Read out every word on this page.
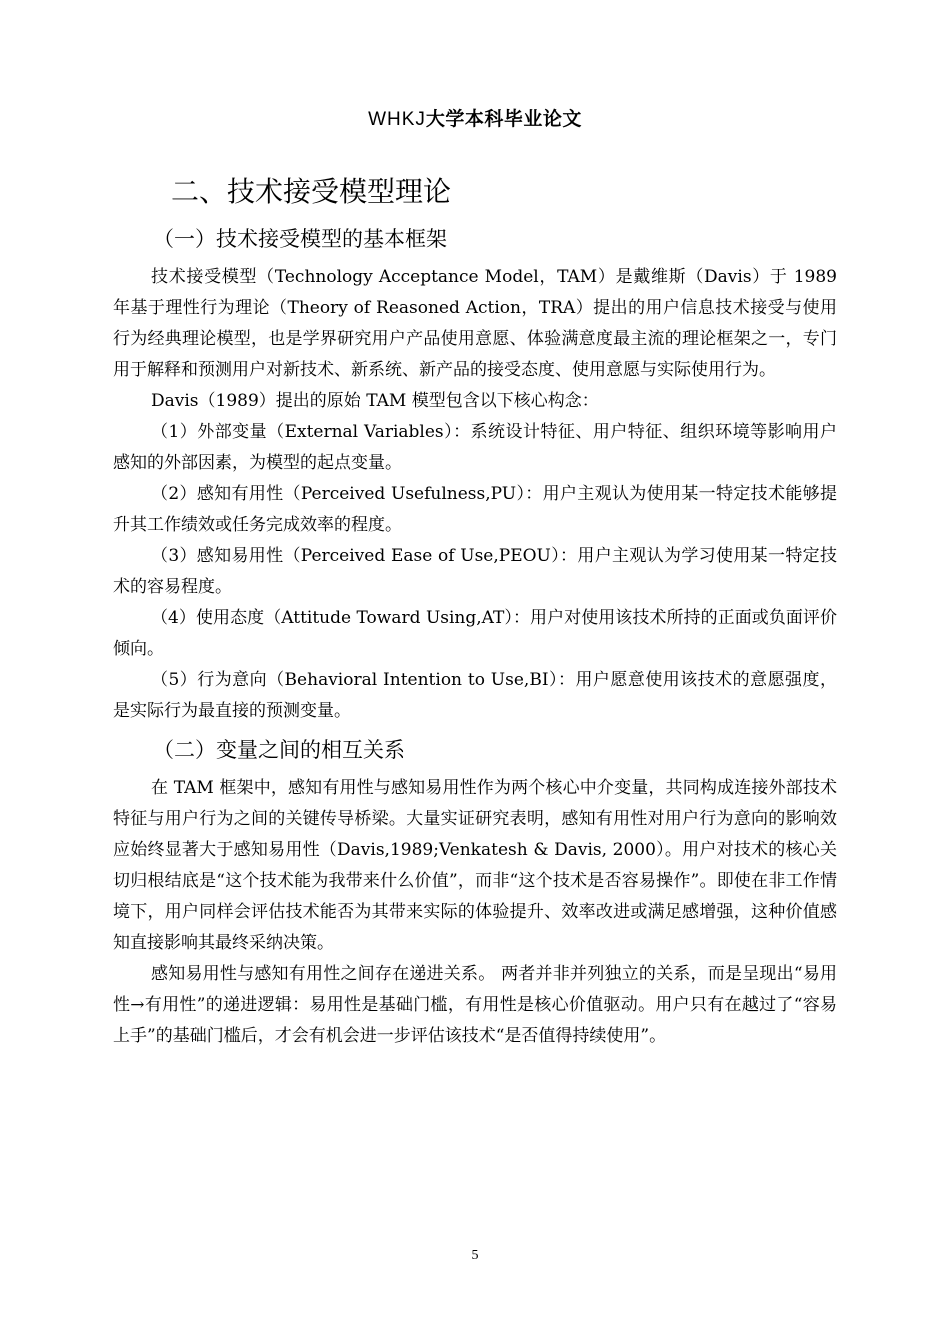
WHKJ大学本科毕业论文
二、技术接受模型理论
（一）技术接受模型的基本框架

技术接受模型（Technology Acceptance Model，TAM）是戴维斯（Davis）于 1989 年基于理性行为理论（Theory of Reasoned Action，TRA）提出的用户信息技术接受与使用行为经典理论模型，也是学界研究用户产品使用意愿、体验满意度最主流的理论框架之一，专门用于解释和预测用户对新技术、新系统、新产品的接受态度、使用意愿与实际使用行为。

Davis（1989）提出的原始 TAM 模型包含以下核心构念：

（1）外部变量（External Variables）：系统设计特征、用户特征、组织环境等影响用户感知的外部因素，为模型的起点变量。

（2）感知有用性（Perceived Usefulness,PU）：用户主观认为使用某一特定技术能够提升其工作绩效或任务完成效率的程度。

（3）感知易用性（Perceived Ease of Use,PEOU）：用户主观认为学习使用某一特定技术的容易程度。

（4）使用态度（Attitude Toward Using,AT）：用户对使用该技术所持的正面或负面评价倾向。

（5）行为意向（Behavioral Intention to Use,BI）：用户愿意使用该技术的意愿强度，是实际行为最直接的预测变量。

（二）变量之间的相互关系

在 TAM 框架中，感知有用性与感知易用性作为两个核心中介变量，共同构成连接外部技术特征与用户行为之间的关键传导桥梁。大量实证研究表明，感知有用性对用户行为意向的影响效应始终显著大于感知易用性（Davis,1989;Venkatesh & Davis, 2000）。用户对技术的核心关切归根结底是“这个技术能为我带来什么价值”，而非“这个技术是否容易操作”。即使在非工作情境下，用户同样会评估技术能否为其带来实际的体验提升、效率改进或满足感增强，这种价值感知直接影响其最终采纳决策。

感知易用性与感知有用性之间存在递进关系。 两者并非并列独立的关系，而是呈现出“易用性→有用性”的递进逻辑：易用性是基础门槛，有用性是核心价值驱动。用户只有在越过了“容易上手”的基础门槛后，才会有机会进一步评估该技术“是否值得持续使用”。

5
